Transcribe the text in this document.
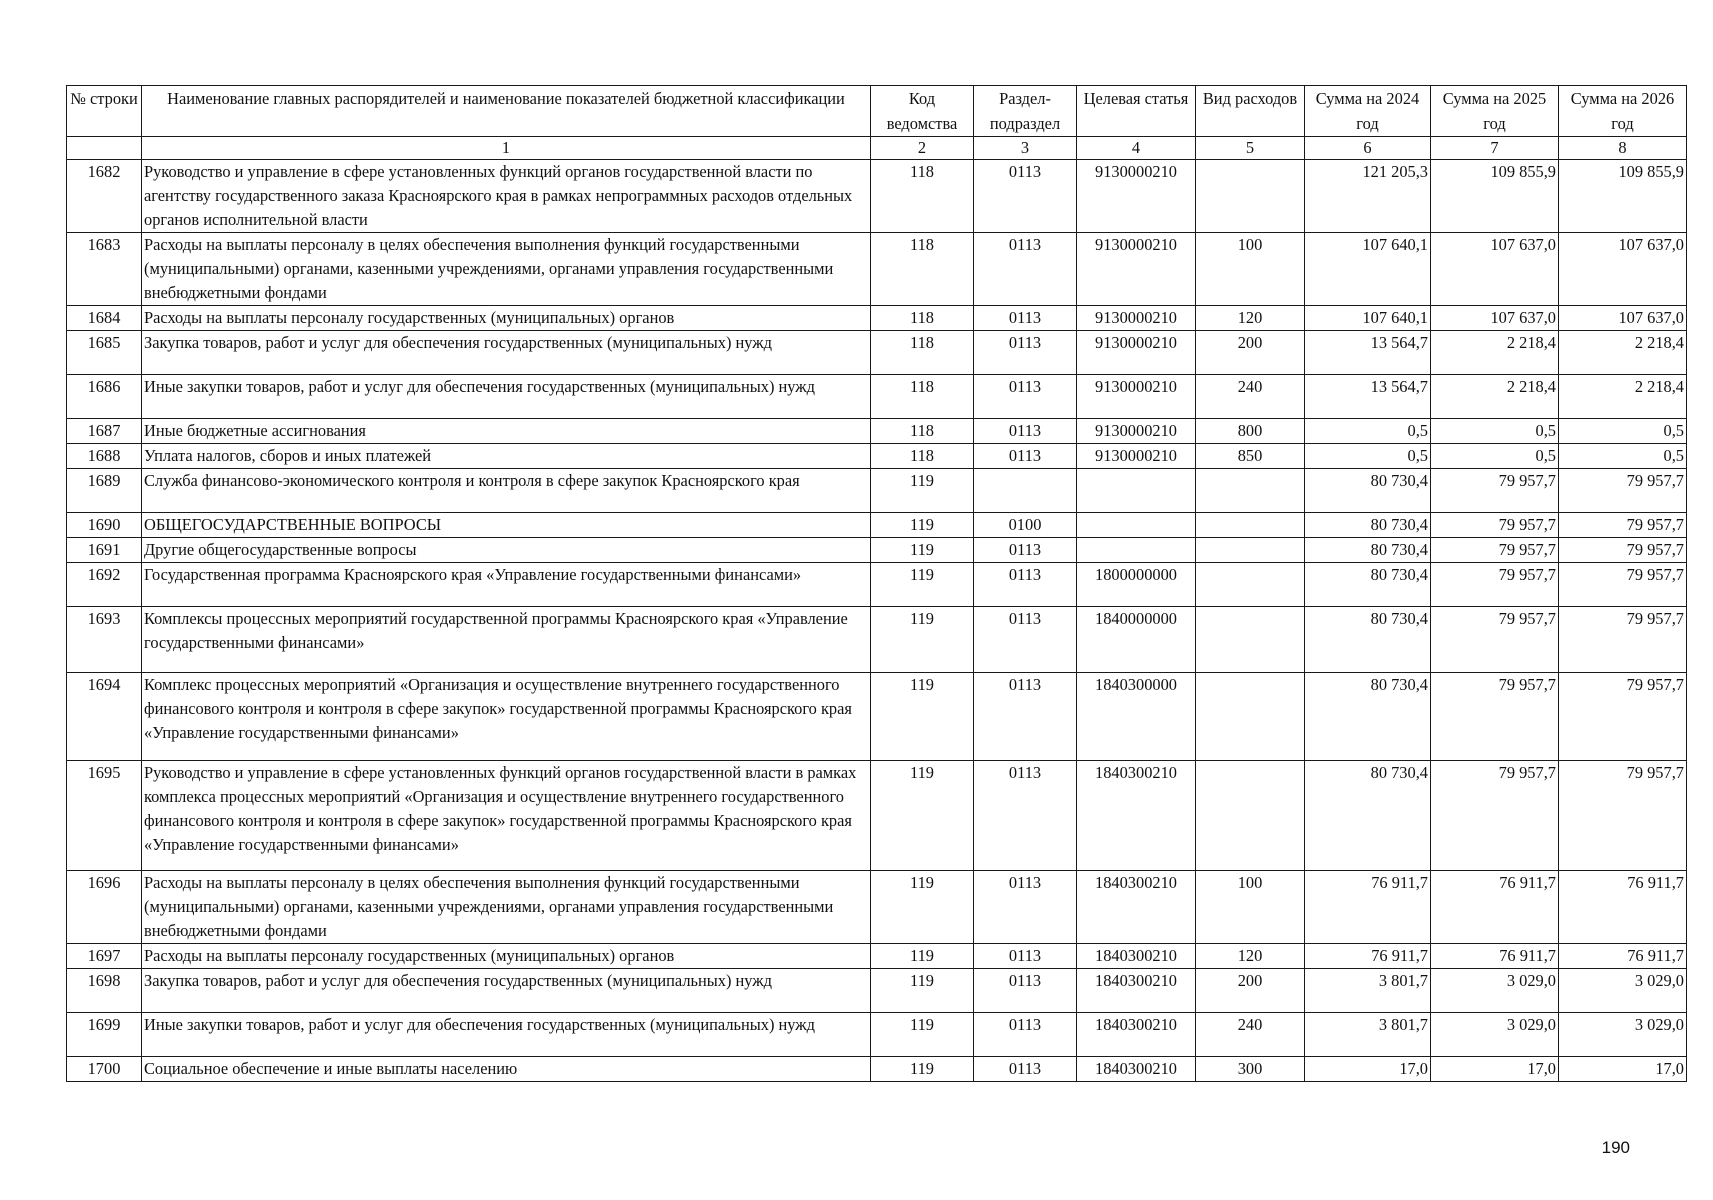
№ строки	Наименование главных распорядителей и наименование показателей бюджетной классификации	Код ведомства	Раздел-подраздел	Целевая статья	Вид расходов	Сумма на 2024 год	Сумма на 2025 год	Сумма на 2026 год
	1	2	3	4	5	6	7	8
1682	Руководство и управление в сфере установленных функций органов государственной власти по агентству государственного заказа Красноярского края в рамках непрограммных расходов отдельных органов исполнительной власти	118	0113	9130000210		121 205,3	109 855,9	109 855,9
1683	Расходы на выплаты персоналу в целях обеспечения выполнения функций государственными (муниципальными) органами, казенными учреждениями, органами управления государственными внебюджетными фондами	118	0113	9130000210	100	107 640,1	107 637,0	107 637,0
1684	Расходы на выплаты персоналу государственных (муниципальных) органов	118	0113	9130000210	120	107 640,1	107 637,0	107 637,0
1685	Закупка товаров, работ и услуг для обеспечения государственных (муниципальных) нужд	118	0113	9130000210	200	13 564,7	2 218,4	2 218,4
1686	Иные закупки товаров, работ и услуг для обеспечения государственных (муниципальных) нужд	118	0113	9130000210	240	13 564,7	2 218,4	2 218,4
1687	Иные бюджетные ассигнования	118	0113	9130000210	800	0,5	0,5	0,5
1688	Уплата налогов, сборов и иных платежей	118	0113	9130000210	850	0,5	0,5	0,5
1689	Служба финансово-экономического контроля и контроля в сфере закупок Красноярского края	119				80 730,4	79 957,7	79 957,7
1690	ОБЩЕГОСУДАРСТВЕННЫЕ ВОПРОСЫ	119	0100			80 730,4	79 957,7	79 957,7
1691	Другие общегосударственные вопросы	119	0113			80 730,4	79 957,7	79 957,7
1692	Государственная программа Красноярского края «Управление государственными финансами»	119	0113	1800000000		80 730,4	79 957,7	79 957,7
1693	Комплексы процессных мероприятий государственной программы Красноярского края «Управление государственными финансами»	119	0113	1840000000		80 730,4	79 957,7	79 957,7
1694	Комплекс процессных мероприятий «Организация и осуществление внутреннего государственного финансового контроля и контроля в сфере закупок» государственной программы Красноярского края «Управление государственными финансами»	119	0113	1840300000		80 730,4	79 957,7	79 957,7
1695	Руководство и управление в сфере установленных функций органов государственной власти в рамках комплекса процессных мероприятий «Организация и осуществление внутреннего государственного финансового контроля и контроля в сфере закупок» государственной программы Красноярского края «Управление государственными финансами»	119	0113	1840300210		80 730,4	79 957,7	79 957,7
1696	Расходы на выплаты персоналу в целях обеспечения выполнения функций государственными (муниципальными) органами, казенными учреждениями, органами управления государственными внебюджетными фондами	119	0113	1840300210	100	76 911,7	76 911,7	76 911,7
1697	Расходы на выплаты персоналу государственных (муниципальных) органов	119	0113	1840300210	120	76 911,7	76 911,7	76 911,7
1698	Закупка товаров, работ и услуг для обеспечения государственных (муниципальных) нужд	119	0113	1840300210	200	3 801,7	3 029,0	3 029,0
1699	Иные закупки товаров, работ и услуг для обеспечения государственных (муниципальных) нужд	119	0113	1840300210	240	3 801,7	3 029,0	3 029,0
1700	Социальное обеспечение и иные выплаты населению	119	0113	1840300210	300	17,0	17,0	17,0
190
